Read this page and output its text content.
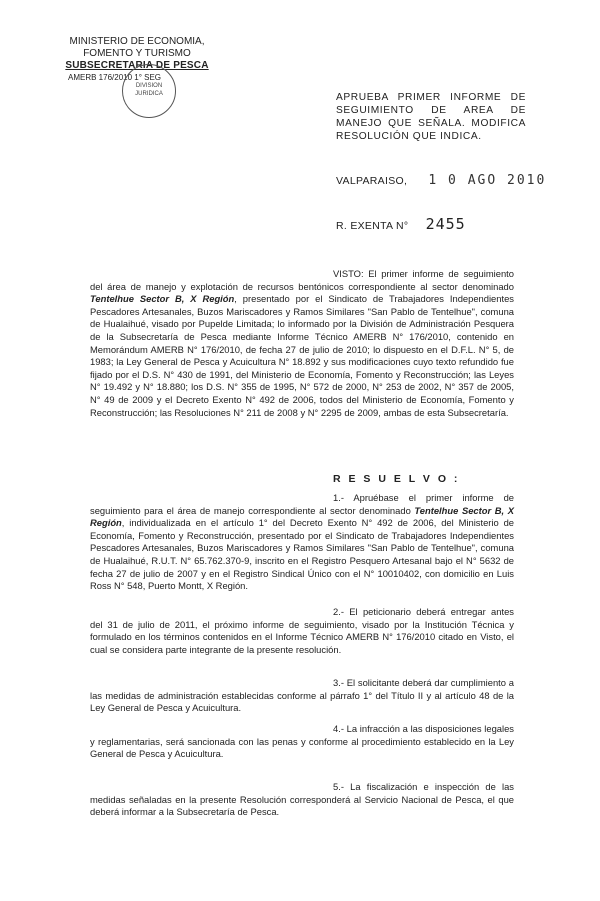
MINISTERIO DE ECONOMIA,
FOMENTO Y TURISMO
SUBSECRETARIA DE PESCA
AMERB 176/2010 1° SEG
DIVISION
JURIDICA	APRUEBA PRIMER INFORME DE SEGUIMIENTO DE AREA DE MANEJO QUE SEÑALA. MODIFICA RESOLUCIÓN QUE INDICA.
VALPARAISO, 1 0 AGO 2010
R. EXENTA N° 2455
VISTO: El primer informe de seguimiento del área de manejo y explotación de recursos bentónicos correspondiente al sector denominado Tentelhue Sector B, X Región, presentado por el Sindicato de Trabajadores Independientes Pescadores Artesanales, Buzos Mariscadores y Ramos Similares "San Pablo de Tentelhue", comuna de Hualaihué, visado por Pupelde Limitada; lo informado por la División de Administración Pesquera de la Subsecretaría de Pesca mediante Informe Técnico AMERB N° 176/2010, contenido en Memorándum AMERB N° 176/2010, de fecha 27 de julio de 2010; lo dispuesto en el D.F.L. N° 5, de 1983; la Ley General de Pesca y Acuicultura N° 18.892 y sus modificaciones cuyo texto refundido fue fijado por el D.S. N° 430 de 1991, del Ministerio de Economía, Fomento y Reconstrucción; las Leyes N° 19.492 y N° 18.880; los D.S. N° 355 de 1995, N° 572 de 2000, N° 253 de 2002, N° 357 de 2005, N° 49 de 2009 y el Decreto Exento N° 492 de 2006, todos del Ministerio de Economía, Fomento y Reconstrucción; las Resoluciones N° 211 de 2008 y N° 2295 de 2009, ambas de esta Subsecretaría.
R E S U E L V O :
1.- Apruébase el primer informe de seguimiento para el área de manejo correspondiente al sector denominado Tentelhue Sector B, X Región, individualizada en el artículo 1° del Decreto Exento N° 492 de 2006, del Ministerio de Economía, Fomento y Reconstrucción, presentado por el Sindicato de Trabajadores Independientes Pescadores Artesanales, Buzos Mariscadores y Ramos Similares "San Pablo de Tentelhue", comuna de Hualaihué, R.U.T. N° 65.762.370-9, inscrito en el Registro Pesquero Artesanal bajo el N° 5632 de fecha 27 de julio de 2007 y en el Registro Sindical Único con el N° 10010402, con domicilio en Luis Ross N° 548, Puerto Montt, X Región.
2.- El peticionario deberá entregar antes del 31 de julio de 2011, el próximo informe de seguimiento, visado por la Institución Técnica y formulado en los términos contenidos en el Informe Técnico AMERB N° 176/2010 citado en Visto, el cual se considera parte integrante de la presente resolución.
3.- El solicitante deberá dar cumplimiento a las medidas de administración establecidas conforme al párrafo 1° del Título II y al artículo 48 de la Ley General de Pesca y Acuicultura.
4.- La infracción a las disposiciones legales y reglamentarias, será sancionada con las penas y conforme al procedimiento establecido en la Ley General de Pesca y Acuicultura.
5.- La fiscalización e inspección de las medidas señaladas en la presente Resolución corresponderá al Servicio Nacional de Pesca, el que deberá informar a la Subsecretaría de Pesca.
